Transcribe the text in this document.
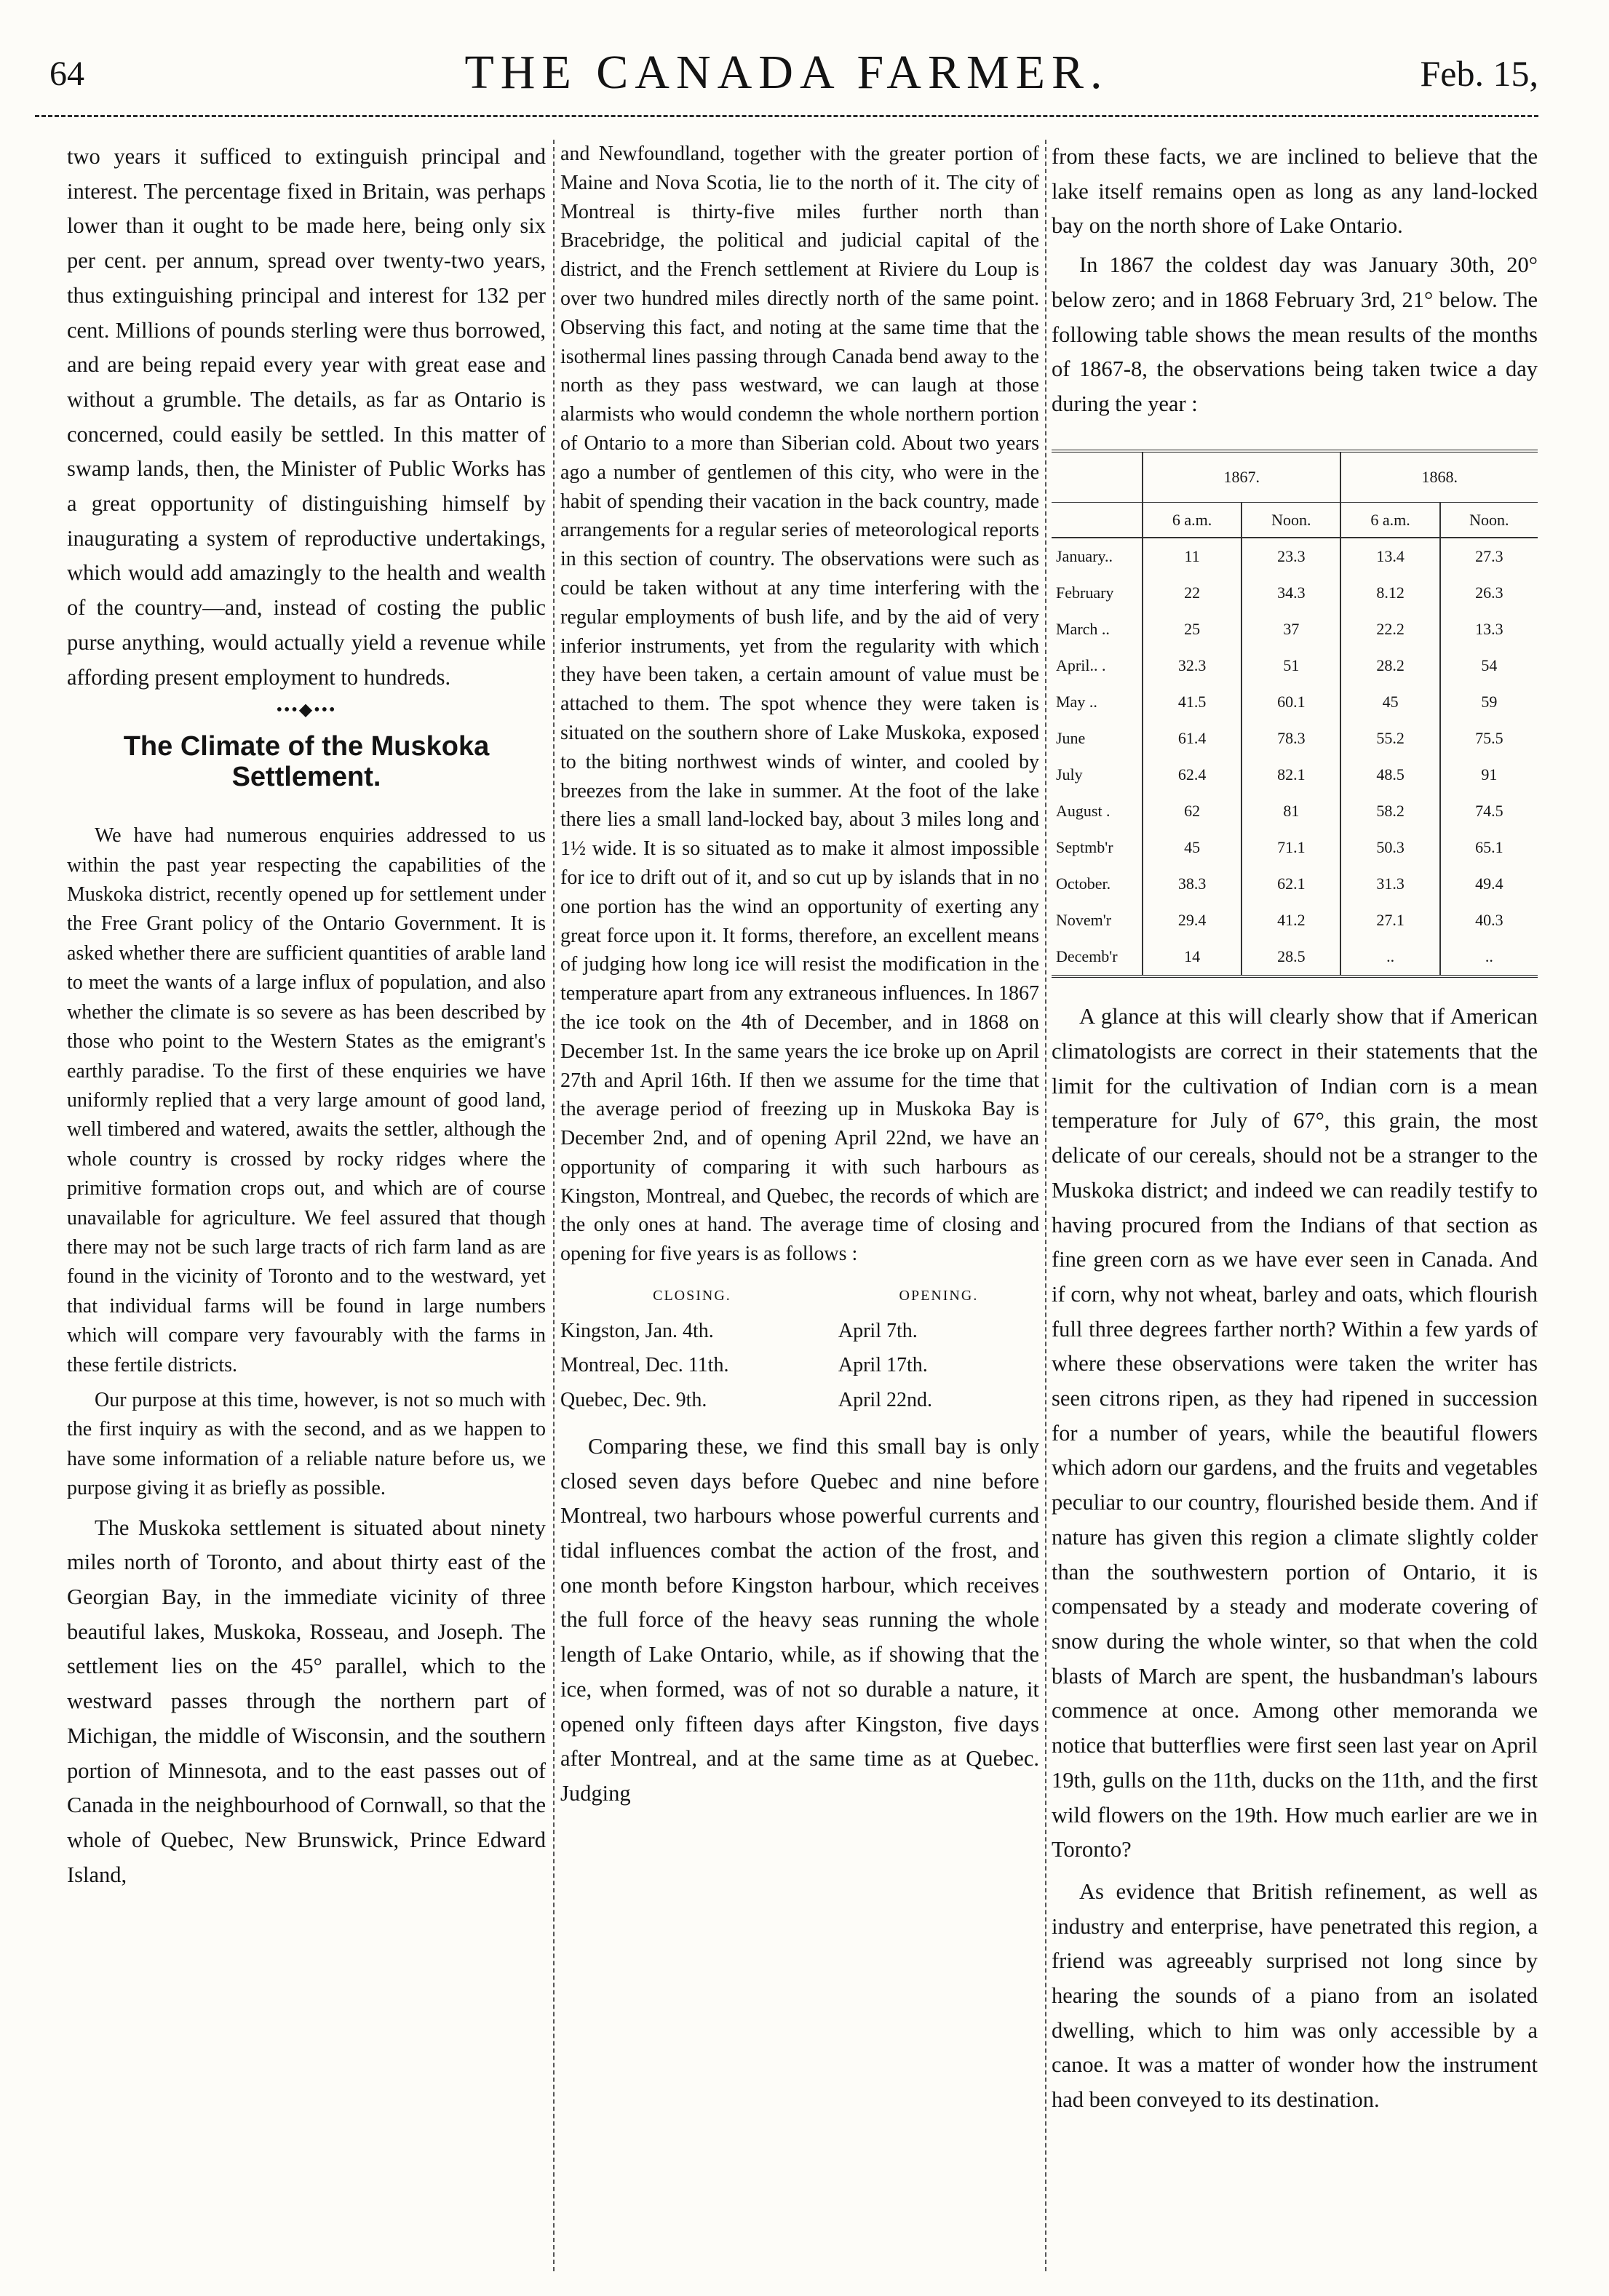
64	THE CANADA FARMER.	Feb. 15,

two years it sufficed to extinguish principal and interest. The percentage fixed in Britain, was perhaps lower than it ought to be made here, being only six per cent. per annum, spread over twenty-two years, thus extinguishing principal and interest for 132 per cent. Millions of pounds sterling were thus borrowed, and are being repaid every year with great ease and without a grumble. The details, as far as Ontario is concerned, could easily be settled. In this matter of swamp lands, then, the Minister of Public Works has a great opportunity of distinguishing himself by inaugurating a system of reproductive undertakings, which would add amazingly to the health and wealth of the country—and, instead of costing the public purse anything, would actually yield a revenue while affording present employment to hundreds.

•••◆•••
The Climate of the Muskoka Settlement.

We have had numerous enquiries addressed to us within the past year respecting the capabilities of the Muskoka district, recently opened up for settlement under the Free Grant policy of the Ontario Government. It is asked whether there are sufficient quantities of arable land to meet the wants of a large influx of population, and also whether the climate is so severe as has been described by those who point to the Western States as the emigrant's earthly paradise. To the first of these enquiries we have uniformly replied that a very large amount of good land, well timbered and watered, awaits the settler, although the whole country is crossed by rocky ridges where the primitive formation crops out, and which are of course unavailable for agriculture. We feel assured that though there may not be such large tracts of rich farm land as are found in the vicinity of Toronto and to the westward, yet that individual farms will be found in large numbers which will compare very favourably with the farms in these fertile districts.

Our purpose at this time, however, is not so much with the first inquiry as with the second, and as we happen to have some information of a reliable nature before us, we purpose giving it as briefly as possible.

The Muskoka settlement is situated about ninety miles north of Toronto, and about thirty east of the Georgian Bay, in the immediate vicinity of three beautiful lakes, Muskoka, Rosseau, and Joseph. The settlement lies on the 45° parallel, which to the westward passes through the northern part of Michigan, the middle of Wisconsin, and the southern portion of Minnesota, and to the east passes out of Canada in the neighbourhood of Cornwall, so that the whole of Quebec, New Brunswick, Prince Edward Island,

and Newfoundland, together with the greater portion of Maine and Nova Scotia, lie to the north of it. The city of Montreal is thirty-five miles further north than Bracebridge, the political and judicial capital of the district, and the French settlement at Riviere du Loup is over two hundred miles directly north of the same point. Observing this fact, and noting at the same time that the isothermal lines passing through Canada bend away to the north as they pass westward, we can laugh at those alarmists who would condemn the whole northern portion of Ontario to a more than Siberian cold. About two years ago a number of gentlemen of this city, who were in the habit of spending their vacation in the back country, made arrangements for a regular series of meteorological reports in this section of country. The observations were such as could be taken without at any time interfering with the regular employments of bush life, and by the aid of very inferior instruments, yet from the regularity with which they have been taken, a certain amount of value must be attached to them. The spot whence they were taken is situated on the southern shore of Lake Muskoka, exposed to the biting northwest winds of winter, and cooled by breezes from the lake in summer. At the foot of the lake there lies a small land-locked bay, about 3 miles long and 1½ wide. It is so situated as to make it almost impossible for ice to drift out of it, and so cut up by islands that in no one portion has the wind an opportunity of exerting any great force upon it. It forms, therefore, an excellent means of judging how long ice will resist the modification in the temperature apart from any extraneous influences. In 1867 the ice took on the 4th of December, and in 1868 on December 1st. In the same years the ice broke up on April 27th and April 16th. If then we assume for the time that the average period of freezing up in Muskoka Bay is December 2nd, and of opening April 22nd, we have an opportunity of comparing it with such harbours as Kingston, Montreal, and Quebec, the records of which are the only ones at hand. The average time of closing and opening for five years is as follows :

CLOSING.	OPENING.
Kingston, Jan. 4th.	April 7th.
Montreal, Dec. 11th.	April 17th.
Quebec, Dec. 9th.	April 22nd.

Comparing these, we find this small bay is only closed seven days before Quebec and nine before Montreal, two harbours whose powerful currents and tidal influences combat the action of the frost, and one month before Kingston harbour, which receives the full force of the heavy seas running the whole length of Lake Ontario, while, as if showing that the ice, when formed, was of not so durable a nature, it opened only fifteen days after Kingston, five days after Montreal, and at the same time as at Quebec. Judging

from these facts, we are inclined to believe that the lake itself remains open as long as any land-locked bay on the north shore of Lake Ontario.

In 1867 the coldest day was January 30th, 20° below zero; and in 1868 February 3rd, 21° below. The following table shows the mean results of the months of 1867-8, the observations being taken twice a day during the year :

	1867.		1868.	
	6 a.m.	Noon.	6 a.m.	Noon.
January..	11	23.3	13.4	27.3
February	22	34.3	8.12	26.3
March ..	25	37	22.2	13.3
April.. .	32.3	51	28.2	54
May ..	41.5	60.1	45	59
June	61.4	78.3	55.2	75.5
July	62.4	82.1	48.5	91
August .	62	81	58.2	74.5
Septmb'r	45	71.1	50.3	65.1
October.	38.3	62.1	31.3	49.4
Novem'r	29.4	41.2	27.1	40.3
Decemb'r	14	28.5	..	..

A glance at this will clearly show that if American climatologists are correct in their statements that the limit for the cultivation of Indian corn is a mean temperature for July of 67°, this grain, the most delicate of our cereals, should not be a stranger to the Muskoka district; and indeed we can readily testify to having procured from the Indians of that section as fine green corn as we have ever seen in Canada. And if corn, why not wheat, barley and oats, which flourish full three degrees farther north? Within a few yards of where these observations were taken the writer has seen citrons ripen, as they had ripened in succession for a number of years, while the beautiful flowers which adorn our gardens, and the fruits and vegetables peculiar to our country, flourished beside them. And if nature has given this region a climate slightly colder than the southwestern portion of Ontario, it is compensated by a steady and moderate covering of snow during the whole winter, so that when the cold blasts of March are spent, the husbandman's labours commence at once. Among other memoranda we notice that butterflies were first seen last year on April 19th, gulls on the 11th, ducks on the 11th, and the first wild flowers on the 19th. How much earlier are we in Toronto?

As evidence that British refinement, as well as industry and enterprise, have penetrated this region, a friend was agreeably surprised not long since by hearing the sounds of a piano from an isolated dwelling, which to him was only accessible by a canoe. It was a matter of wonder how the instrument had been conveyed to its destination.
